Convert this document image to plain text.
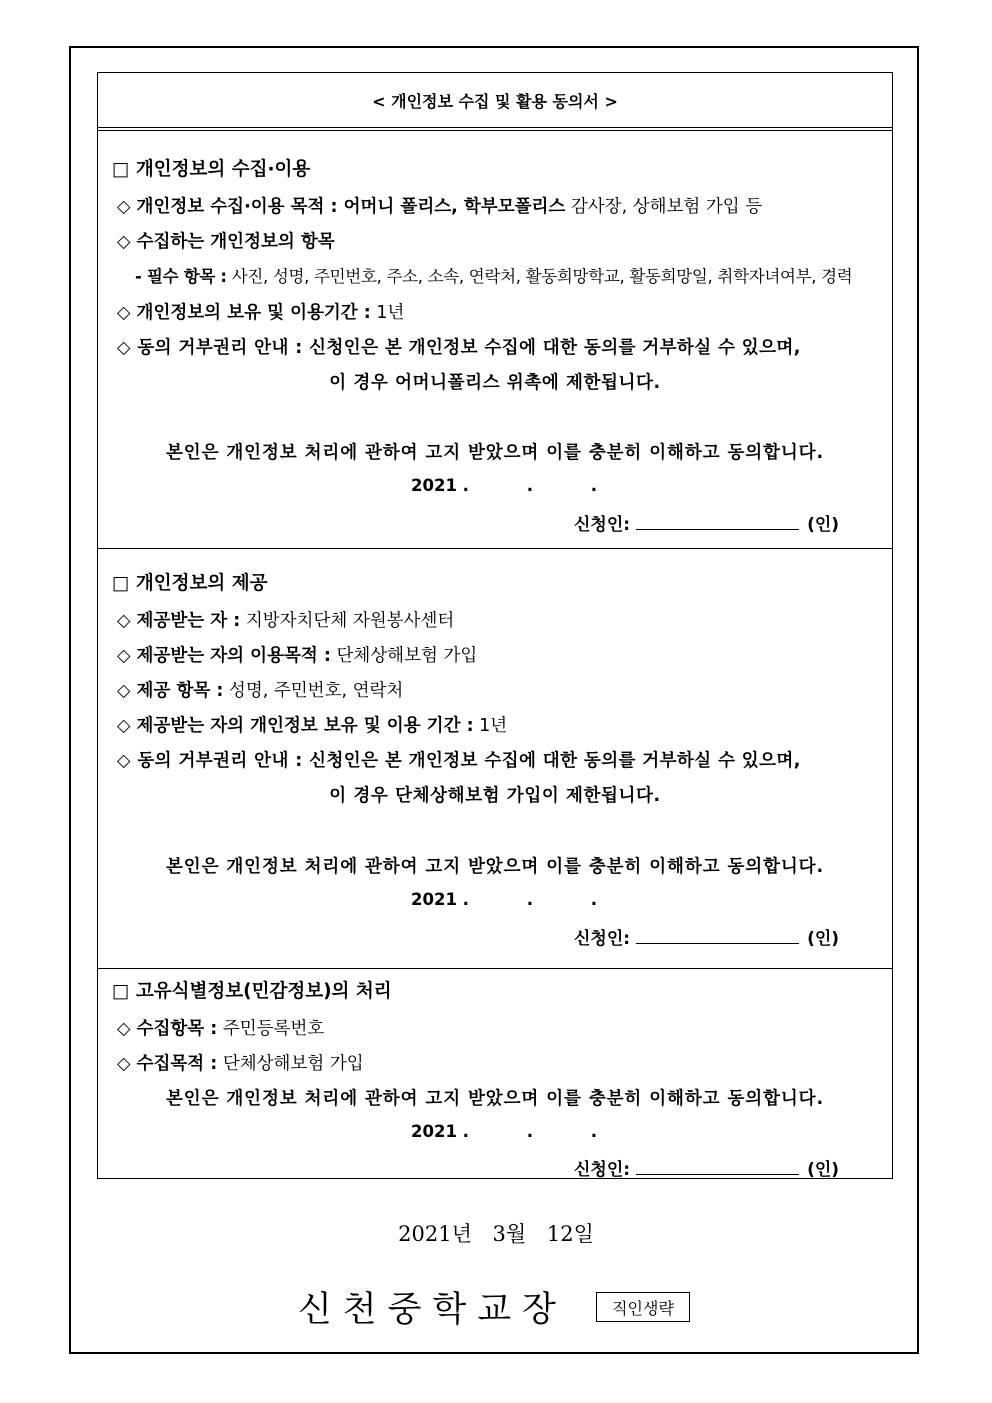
< 개인정보 수집 및 활용 동의서 >
□ 개인정보의 수집·이용
◇ 개인정보 수집·이용 목적 : 어머니 폴리스, 학부모폴리스 감사장, 상해보험 가입 등
◇ 수집하는 개인정보의 항목
- 필수 항목 : 사진, 성명, 주민번호, 주소, 소속, 연락처, 활동희망학교, 활동희망일, 취학자녀여부, 경력
◇ 개인정보의 보유 및 이용기간 : 1년
◇ 동의 거부권리 안내 : 신청인은 본 개인정보 수집에 대한 동의를 거부하실 수 있으며,
이 경우 어머니폴리스 위촉에 제한됩니다.
본인은 개인정보 처리에 관하여 고지 받았으며 이를 충분히 이해하고 동의합니다.
2021 .	.	.
신청인:	(인)
□ 개인정보의 제공
◇ 제공받는 자 : 지방자치단체 자원봉사센터
◇ 제공받는 자의 이용목적 : 단체상해보험 가입
◇ 제공 항목 : 성명, 주민번호, 연락처
◇ 제공받는 자의 개인정보 보유 및 이용 기간 : 1년
◇ 동의 거부권리 안내 : 신청인은 본 개인정보 수집에 대한 동의를 거부하실 수 있으며,
이 경우 단체상해보험 가입이 제한됩니다.
본인은 개인정보 처리에 관하여 고지 받았으며 이를 충분히 이해하고 동의합니다.
2021 .	.	.
신청인:	(인)
□ 고유식별정보(민감정보)의 처리
◇ 수집항목 : 주민등록번호
◇ 수집목적 : 단체상해보험 가입
본인은 개인정보 처리에 관하여 고지 받았으며 이를 충분히 이해하고 동의합니다.
2021 .	.	.
신청인:	(인)
2021년 3월 12일
신천중학교장	직인생략
